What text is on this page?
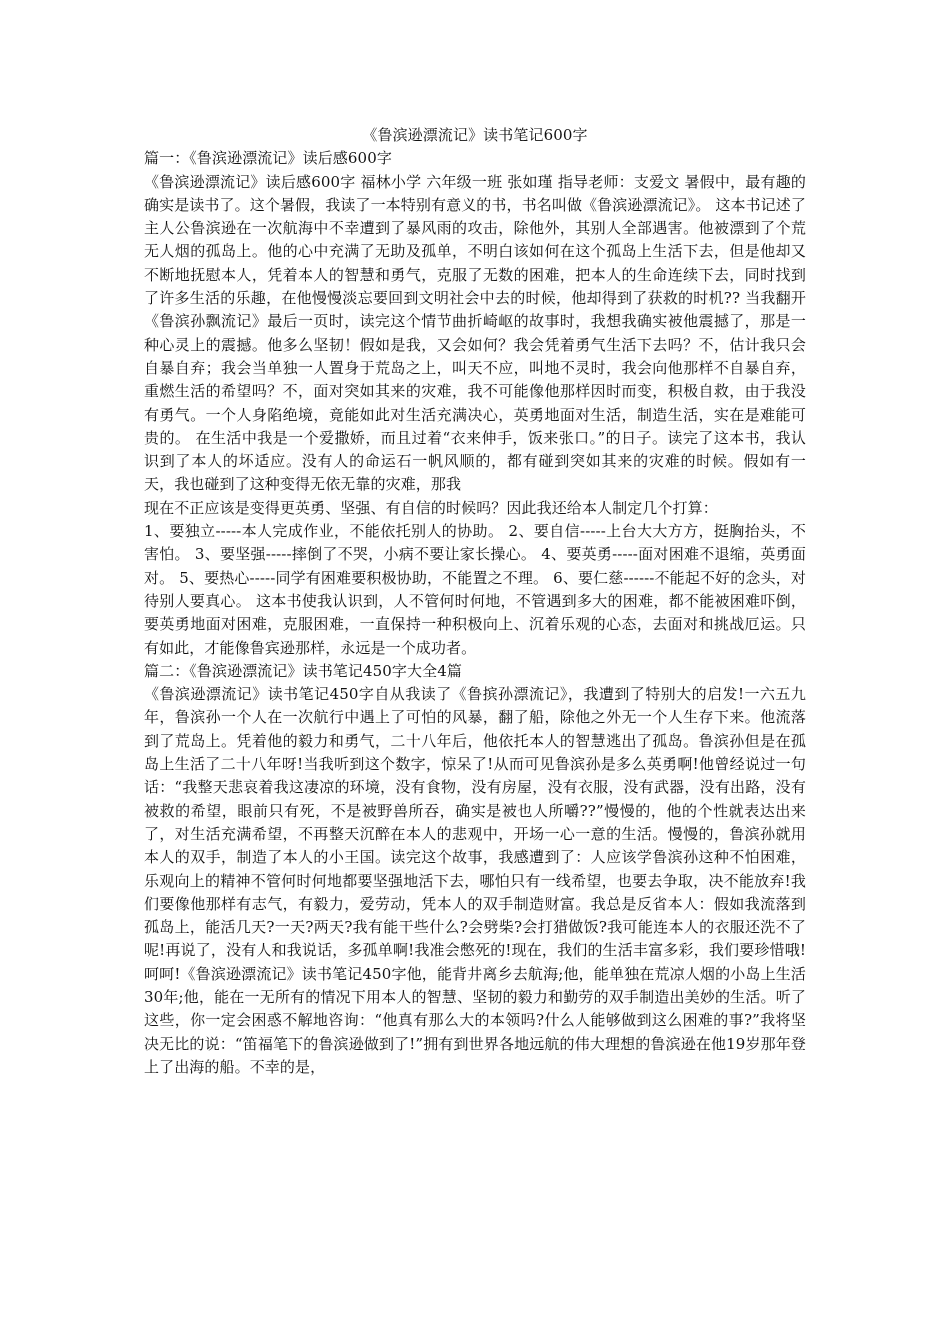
《鲁滨逊漂流记》读书笔记600字
篇一：《鲁滨逊漂流记》读后感600字

《鲁滨逊漂流记》读后感600字 福林小学 六年级一班 张如瑾 指导老师：支爱文 暑假中，最有趣的确实是读书了。这个暑假，我读了一本特别有意义的书，书名叫做《鲁滨逊漂流记》。 这本书记述了主人公鲁滨逊在一次航海中不幸遭到了暴风雨的攻击，除他外，其别人全部遇害。他被漂到了个荒无人烟的孤岛上。他的心中充满了无助及孤单，不明白该如何在这个孤岛上生活下去，但是他却又不断地抚慰本人，凭着本人的智慧和勇气，克服了无数的困难，把本人的生命连续下去，同时找到了许多生活的乐趣，在他慢慢淡忘要回到文明社会中去的时候，他却得到了获救的时机?? 当我翻开《鲁滨孙飘流记》最后一页时，读完这个情节曲折崎岖的故事时，我想我确实被他震撼了，那是一种心灵上的震撼。他多么坚韧！假如是我，又会如何？我会凭着勇气生活下去吗？不，估计我只会自暴自弃；我会当单独一人置身于荒岛之上，叫天不应，叫地不灵时，我会向他那样不自暴自弃，重燃生活的希望吗？不，面对突如其来的灾难，我不可能像他那样因时而变，积极自救，由于我没有勇气。一个人身陷绝境，竟能如此对生活充满决心，英勇地面对生活，制造生活，实在是难能可贵的。 在生活中我是一个爱撒娇，而且过着“衣来伸手，饭来张口。”的日子。读完了这本书，我认识到了本人的坏适应。没有人的命运石一帆风顺的，都有碰到突如其来的灾难的时候。假如有一天，我也碰到了这种变得无依无靠的灾难，那我

现在不正应该是变得更英勇、坚强、有自信的时候吗？因此我还给本人制定几个打算：

1、要独立-----本人完成作业，不能依托别人的协助。 2、要自信-----上台大大方方，挺胸抬头，不害怕。 3、要坚强-----摔倒了不哭，小病不要让家长操心。 4、要英勇-----面对困难不退缩，英勇面对。 5、要热心-----同学有困难要积极协助，不能置之不理。 6、要仁慈------不能起不好的念头，对待别人要真心。 这本书使我认识到，人不管何时何地，不管遇到多大的困难，都不能被困难吓倒，要英勇地面对困难，克服困难，一直保持一种积极向上、沉着乐观的心态，去面对和挑战厄运。只有如此，才能像鲁宾逊那样，永远是一个成功者。

篇二：《鲁滨逊漂流记》读书笔记450字大全4篇

《鲁滨逊漂流记》读书笔记450字自从我读了《鲁摈孙漂流记》，我遭到了特别大的启发!一六五九年，鲁滨孙一个人在一次航行中遇上了可怕的风暴，翻了船，除他之外无一个人生存下来。他流落到了荒岛上。凭着他的毅力和勇气，二十八年后，他依托本人的智慧逃出了孤岛。鲁滨孙但是在孤岛上生活了二十八年呀!当我听到这个数字，惊呆了!从而可见鲁滨孙是多么英勇啊!他曾经说过一句话：“我整天悲哀着我这凄凉的环境，没有食物，没有房屋，没有衣服，没有武器，没有出路，没有被救的希望，眼前只有死，不是被野兽所吞，确实是被也人所嚼??”慢慢的，他的个性就表达出来了，对生活充满希望，不再整天沉醉在本人的悲观中，开场一心一意的生活。慢慢的，鲁滨孙就用本人的双手，制造了本人的小王国。读完这个故事，我感遭到了：人应该学鲁滨孙这种不怕困难，乐观向上的精神不管何时何地都要坚强地活下去，哪怕只有一线希望，也要去争取，决不能放弃!我们要像他那样有志气，有毅力，爱劳动，凭本人的双手制造财富。我总是反省本人：假如我流落到孤岛上，能活几天?一天?两天?我有能干些什么?会劈柴?会打猎做饭?我可能连本人的衣服还洗不了呢!再说了，没有人和我说话，多孤单啊!我准会憋死的!现在，我们的生活丰富多彩，我们要珍惜哦!呵呵!《鲁滨逊漂流记》读书笔记450字他，能背井离乡去航海;他，能单独在荒凉人烟的小岛上生活30年;他，能在一无所有的情况下用本人的智慧、坚韧的毅力和勤劳的双手制造出美妙的生活。听了这些，你一定会困惑不解地咨询：“他真有那么大的本领吗?什么人能够做到这么困难的事?”我将坚决无比的说：“笛福笔下的鲁滨逊做到了!”拥有到世界各地远航的伟大理想的鲁滨逊在他19岁那年登上了出海的船。不幸的是，
